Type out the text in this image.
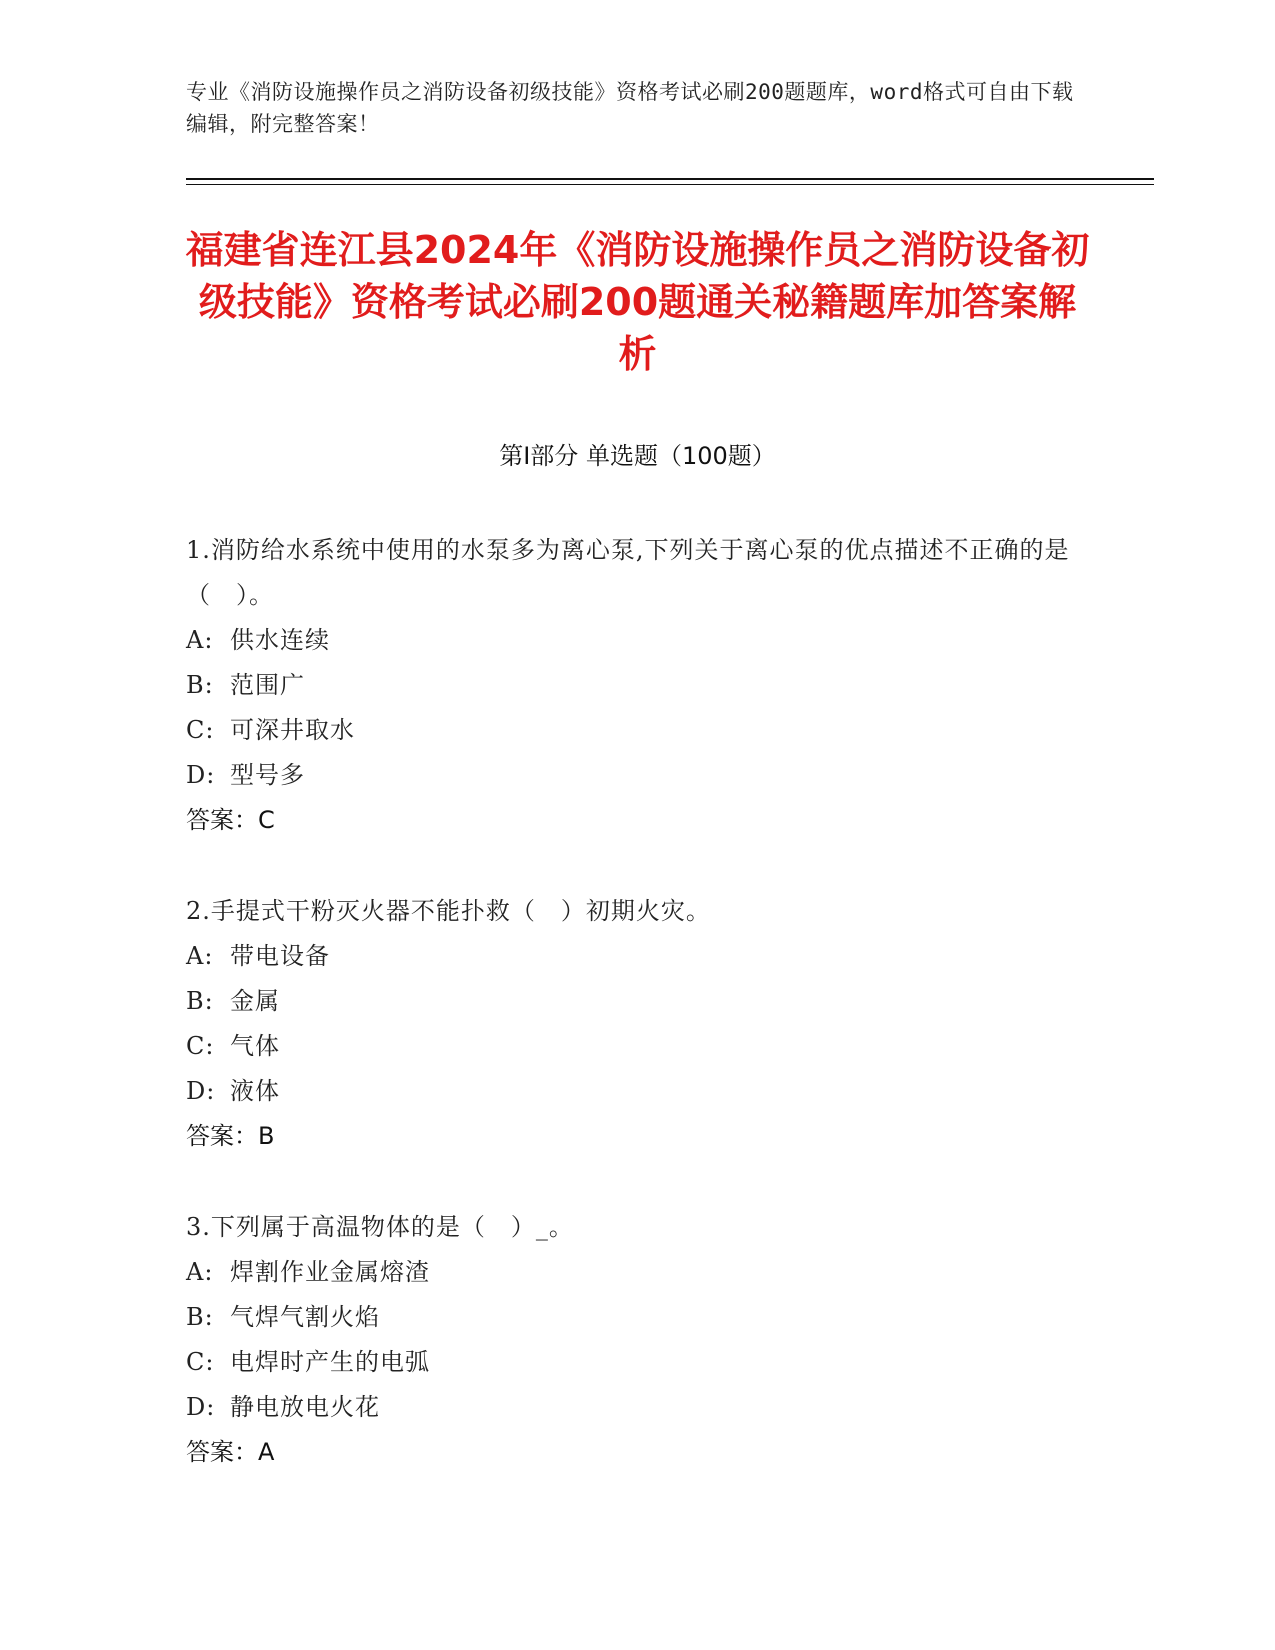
专业《消防设施操作员之消防设备初级技能》资格考试必刷200题题库，word格式可自由下载编辑，附完整答案！
福建省连江县2024年《消防设施操作员之消防设备初级技能》资格考试必刷200题通关秘籍题库加答案解析
第Ⅰ部分 单选题（100题）
1.消防给水系统中使用的水泵多为离心泵,下列关于离心泵的优点描述不正确的是（　）。
A: 供水连续
B: 范围广
C: 可深井取水
D: 型号多
答案：C
2.手提式干粉灭火器不能扑救（　）初期火灾。
A: 带电设备
B: 金属
C: 气体
D: 液体
答案：B
3.下列属于高温物体的是（　）_。
A: 焊割作业金属熔渣
B: 气焊气割火焰
C: 电焊时产生的电弧
D: 静电放电火花
答案：A
